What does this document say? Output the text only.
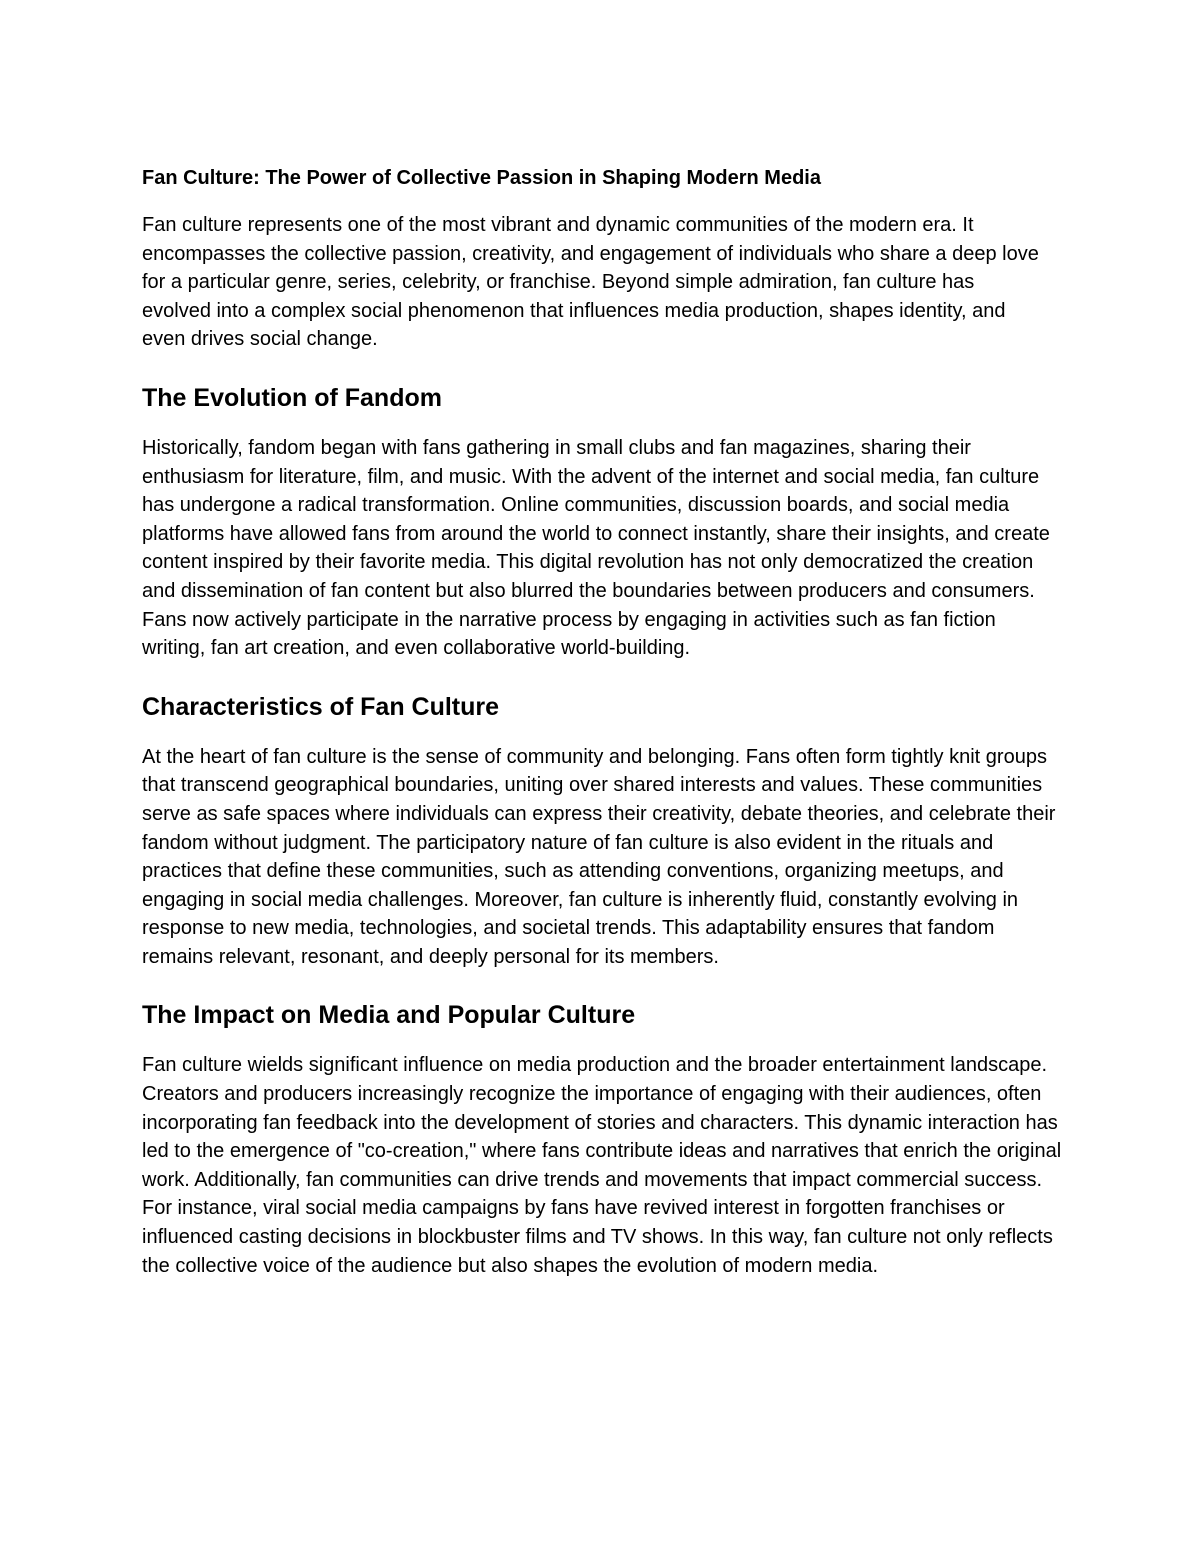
Fan Culture: The Power of Collective Passion in Shaping Modern Media

Fan culture represents one of the most vibrant and dynamic communities of the modern era. It encompasses the collective passion, creativity, and engagement of individuals who share a deep love for a particular genre, series, celebrity, or franchise. Beyond simple admiration, fan culture has evolved into a complex social phenomenon that influences media production, shapes identity, and even drives social change.

The Evolution of Fandom

Historically, fandom began with fans gathering in small clubs and fan magazines, sharing their enthusiasm for literature, film, and music. With the advent of the internet and social media, fan culture has undergone a radical transformation. Online communities, discussion boards, and social media platforms have allowed fans from around the world to connect instantly, share their insights, and create content inspired by their favorite media. This digital revolution has not only democratized the creation and dissemination of fan content but also blurred the boundaries between producers and consumers. Fans now actively participate in the narrative process by engaging in activities such as fan fiction writing, fan art creation, and even collaborative world-building.

Characteristics of Fan Culture

At the heart of fan culture is the sense of community and belonging. Fans often form tightly knit groups that transcend geographical boundaries, uniting over shared interests and values. These communities serve as safe spaces where individuals can express their creativity, debate theories, and celebrate their fandom without judgment. The participatory nature of fan culture is also evident in the rituals and practices that define these communities, such as attending conventions, organizing meetups, and engaging in social media challenges. Moreover, fan culture is inherently fluid, constantly evolving in response to new media, technologies, and societal trends. This adaptability ensures that fandom remains relevant, resonant, and deeply personal for its members.

The Impact on Media and Popular Culture

Fan culture wields significant influence on media production and the broader entertainment landscape. Creators and producers increasingly recognize the importance of engaging with their audiences, often incorporating fan feedback into the development of stories and characters. This dynamic interaction has led to the emergence of "co-creation," where fans contribute ideas and narratives that enrich the original work. Additionally, fan communities can drive trends and movements that impact commercial success. For instance, viral social media campaigns by fans have revived interest in forgotten franchises or influenced casting decisions in blockbuster films and TV shows. In this way, fan culture not only reflects the collective voice of the audience but also shapes the evolution of modern media.
